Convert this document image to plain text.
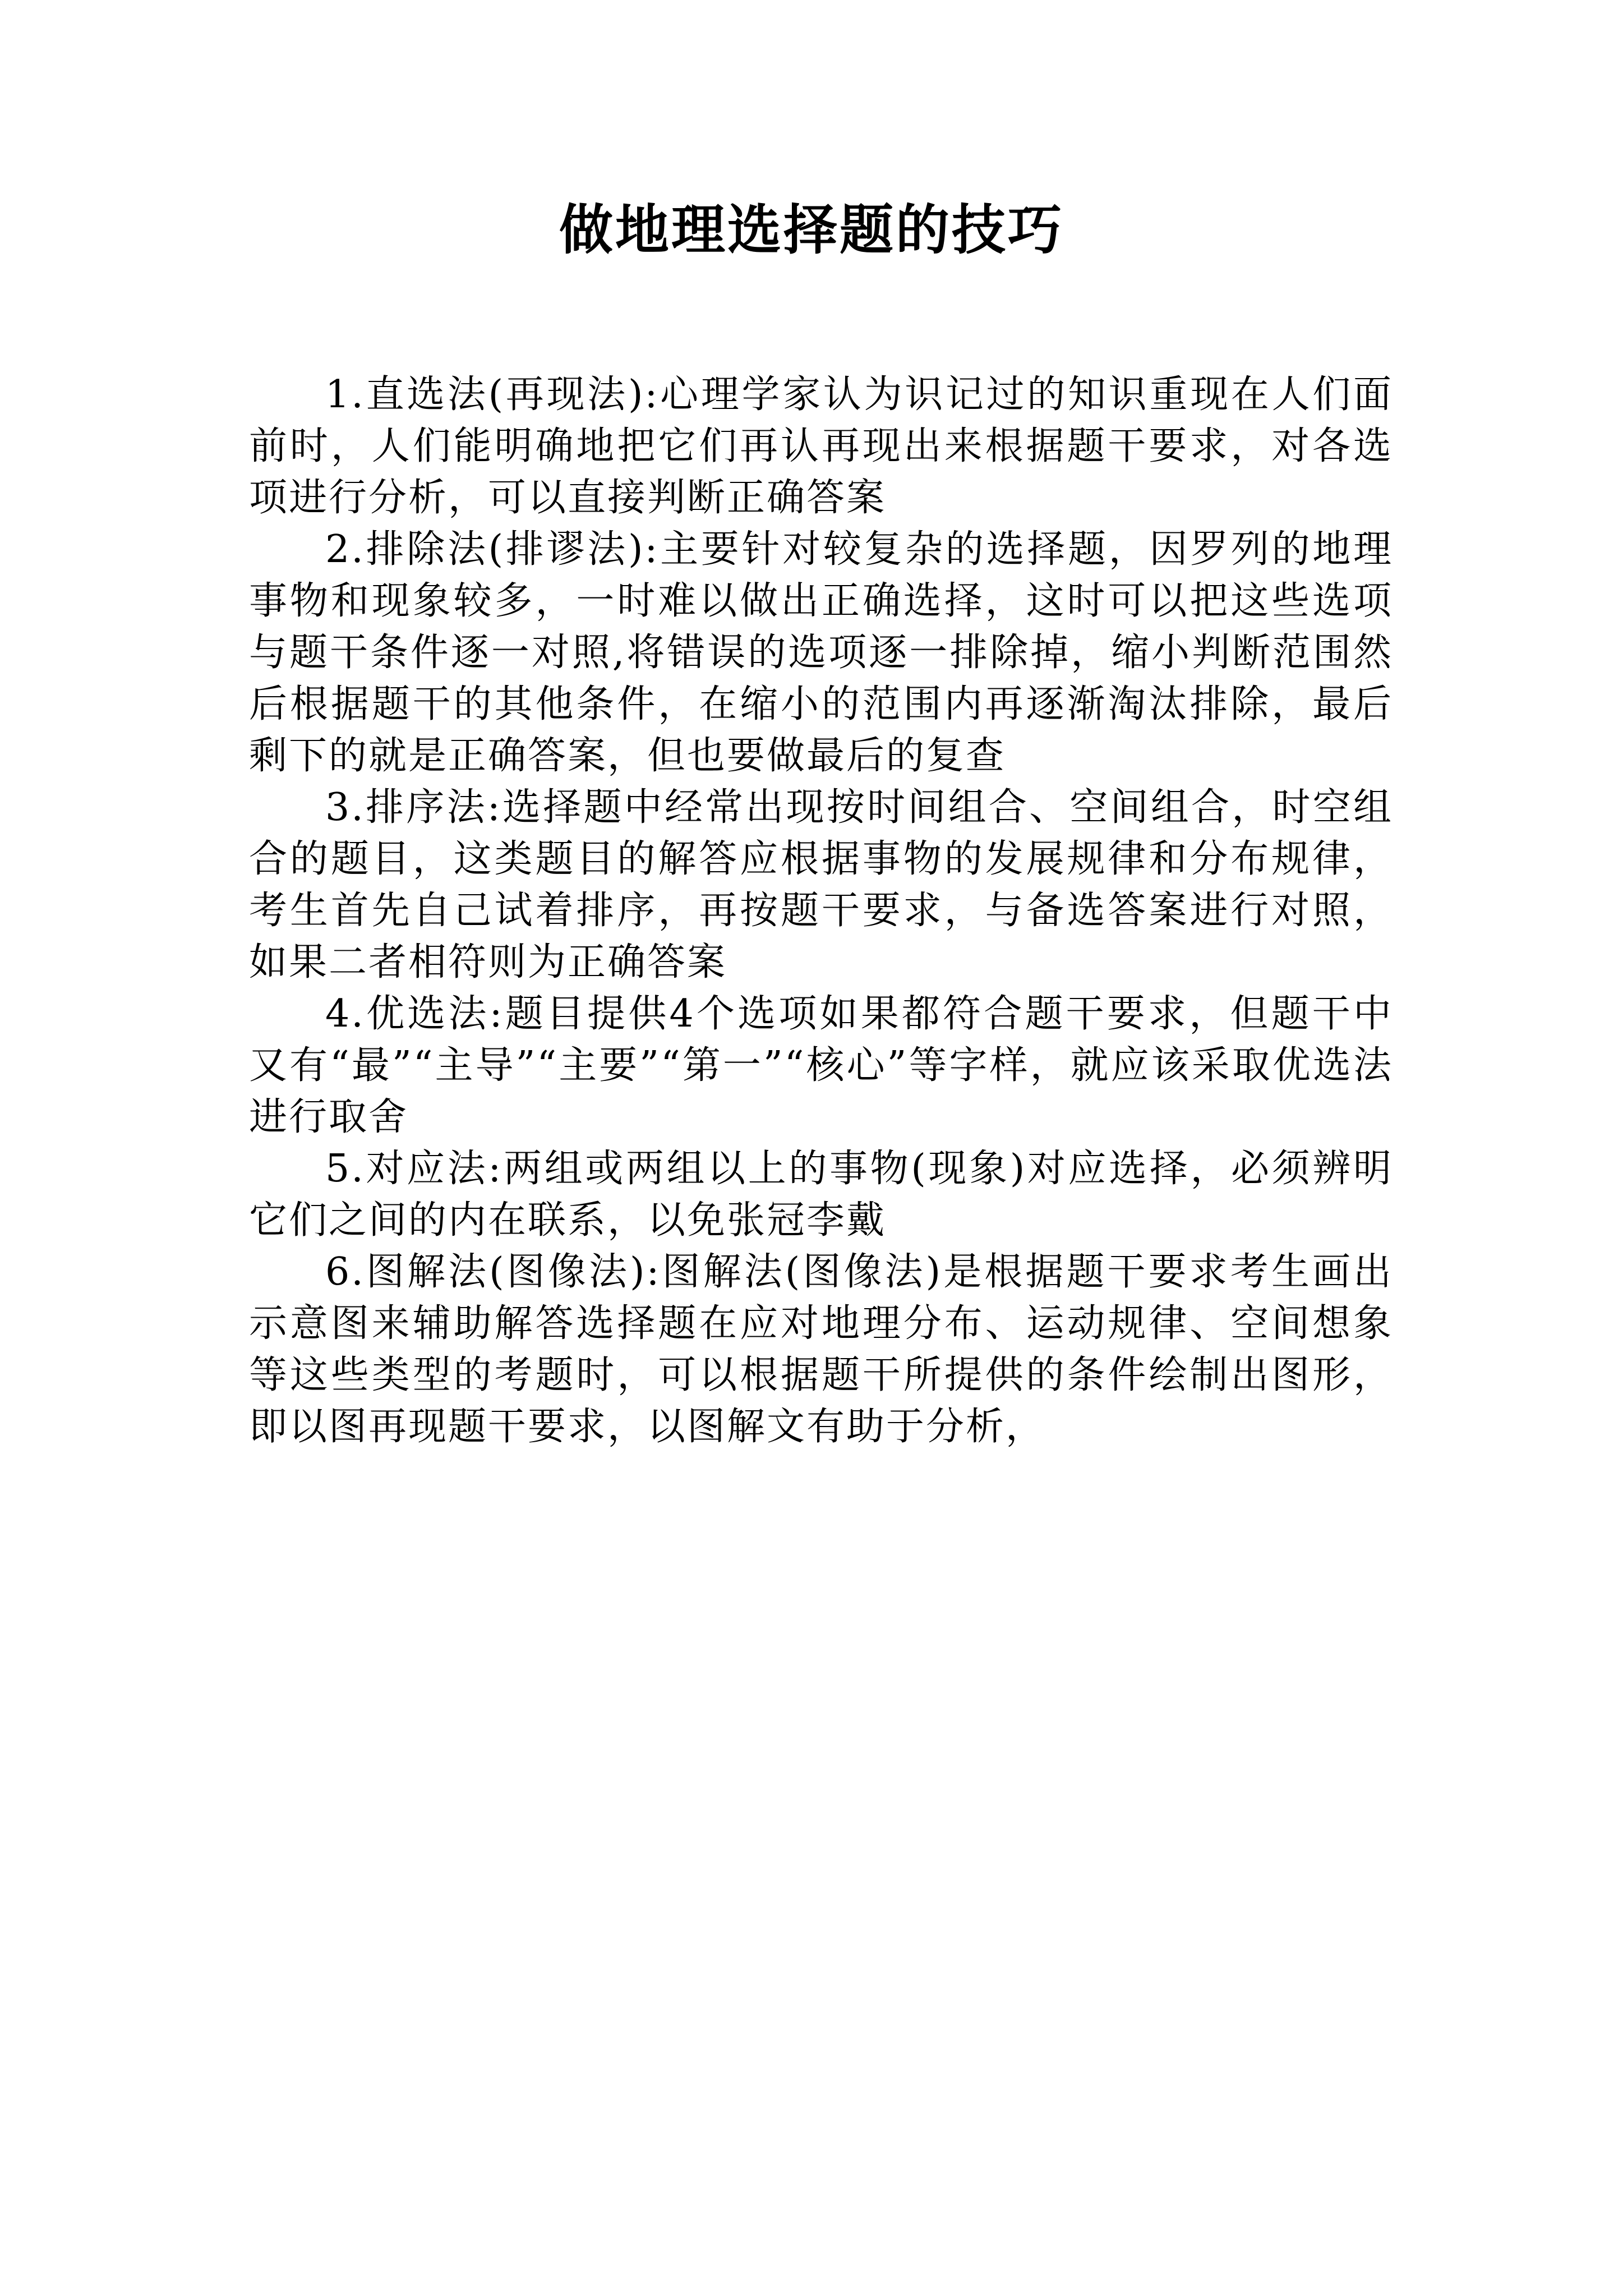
做地理选择题的技巧

1.直选法(再现法):心理学家认为识记过的知识重现在人们面前时，人们能明确地把它们再认再现出来根据题干要求，对各选项进行分析，可以直接判断正确答案

2.排除法(排谬法):主要针对较复杂的选择题，因罗列的地理事物和现象较多，一时难以做出正确选择，这时可以把这些选项与题干条件逐一对照,将错误的选项逐一排除掉，缩小判断范围然后根据题干的其他条件，在缩小的范围内再逐渐淘汰排除，最后剩下的就是正确答案，但也要做最后的复查

3.排序法:选择题中经常出现按时间组合、空间组合，时空组合的题目，这类题目的解答应根据事物的发展规律和分布规律，考生首先自己试着排序，再按题干要求，与备选答案进行对照，如果二者相符则为正确答案

4.优选法:题目提供4个选项如果都符合题干要求，但题干中又有“最”“主导”“主要”“第一”“核心”等字样，就应该采取优选法进行取舍

5.对应法:两组或两组以上的事物(现象)对应选择，必须辨明它们之间的内在联系，以免张冠李戴

6.图解法(图像法):图解法(图像法)是根据题干要求考生画出示意图来辅助解答选择题在应对地理分布、运动规律、空间想象等这些类型的考题时，可以根据题干所提供的条件绘制出图形，即以图再现题干要求，以图解文有助于分析，
